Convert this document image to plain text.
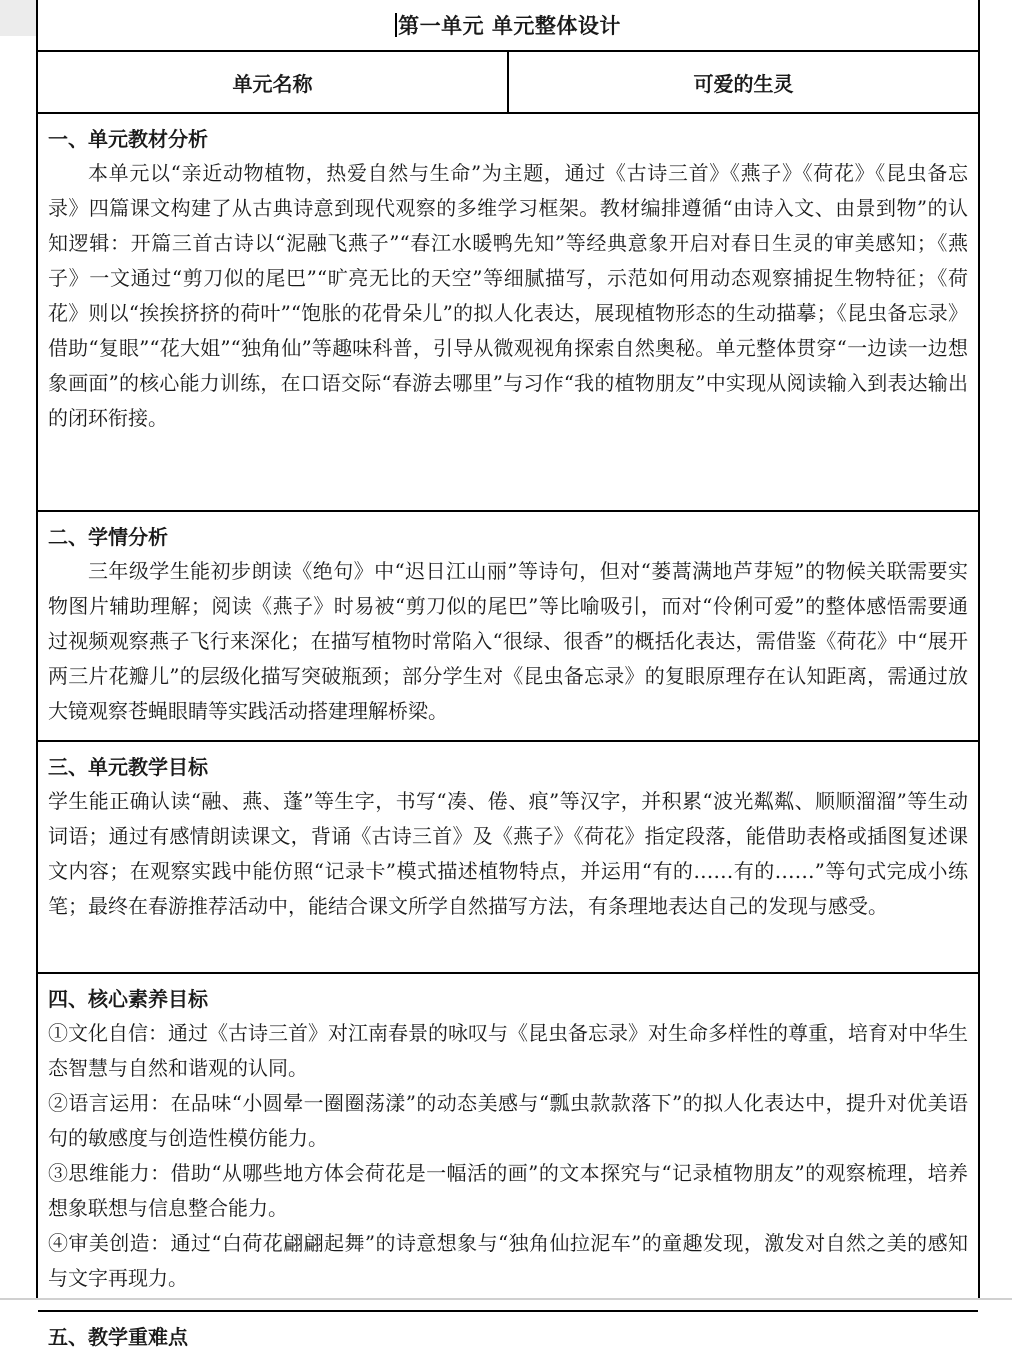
第一单元 单元整体设计
单元名称	可爱的生灵
一、单元教材分析

本单元以“亲近动物植物，热爱自然与生命”为主题，通过《古诗三首》《燕子》《荷花》《昆虫备忘录》四篇课文构建了从古典诗意到现代观察的多维学习框架。教材编排遵循“由诗入文、由景到物”的认知逻辑：开篇三首古诗以“泥融飞燕子”“春江水暖鸭先知”等经典意象开启对春日生灵的审美感知；《燕子》一文通过“剪刀似的尾巴”“旷亮无比的天空”等细腻描写，示范如何用动态观察捕捉生物特征；《荷花》则以“挨挨挤挤的荷叶”“饱胀的花骨朵儿”的拟人化表达，展现植物形态的生动描摹；《昆虫备忘录》借助“复眼”“花大姐”“独角仙”等趣味科普，引导从微观视角探索自然奥秘。单元整体贯穿“一边读一边想象画面”的核心能力训练，在口语交际“春游去哪里”与习作“我的植物朋友”中实现从阅读输入到表达输出的闭环衔接。

二、学情分析

三年级学生能初步朗读《绝句》中“迟日江山丽”等诗句，但对“蒌蒿满地芦芽短”的物候关联需要实物图片辅助理解；阅读《燕子》时易被“剪刀似的尾巴”等比喻吸引，而对“伶俐可爱”的整体感悟需要通过视频观察燕子飞行来深化；在描写植物时常陷入“很绿、很香”的概括化表达，需借鉴《荷花》中“展开两三片花瓣儿”的层级化描写突破瓶颈；部分学生对《昆虫备忘录》的复眼原理存在认知距离，需通过放大镜观察苍蝇眼睛等实践活动搭建理解桥梁。

三、单元教学目标

学生能正确认读“融、燕、蓬”等生字，书写“凑、倦、痕”等汉字，并积累“波光粼粼、顺顺溜溜”等生动词语；通过有感情朗读课文，背诵《古诗三首》及《燕子》《荷花》指定段落，能借助表格或插图复述课文内容；在观察实践中能仿照“记录卡”模式描述植物特点，并运用“有的……有的……”等句式完成小练笔；最终在春游推荐活动中，能结合课文所学自然描写方法，有条理地表达自己的发现与感受。

四、核心素养目标

①文化自信：通过《古诗三首》对江南春景的咏叹与《昆虫备忘录》对生命多样性的尊重，培育对中华生态智慧与自然和谐观的认同。

②语言运用：在品味“小圆晕一圈圈荡漾”的动态美感与“瓢虫款款落下”的拟人化表达中，提升对优美语句的敏感度与创造性模仿能力。

③思维能力：借助“从哪些地方体会荷花是一幅活的画”的文本探究与“记录植物朋友”的观察梳理，培养想象联想与信息整合能力。

④审美创造：通过“白荷花翩翩起舞”的诗意想象与“独角仙拉泥车”的童趣发现，激发对自然之美的感知与文字再现力。

五、教学重难点
